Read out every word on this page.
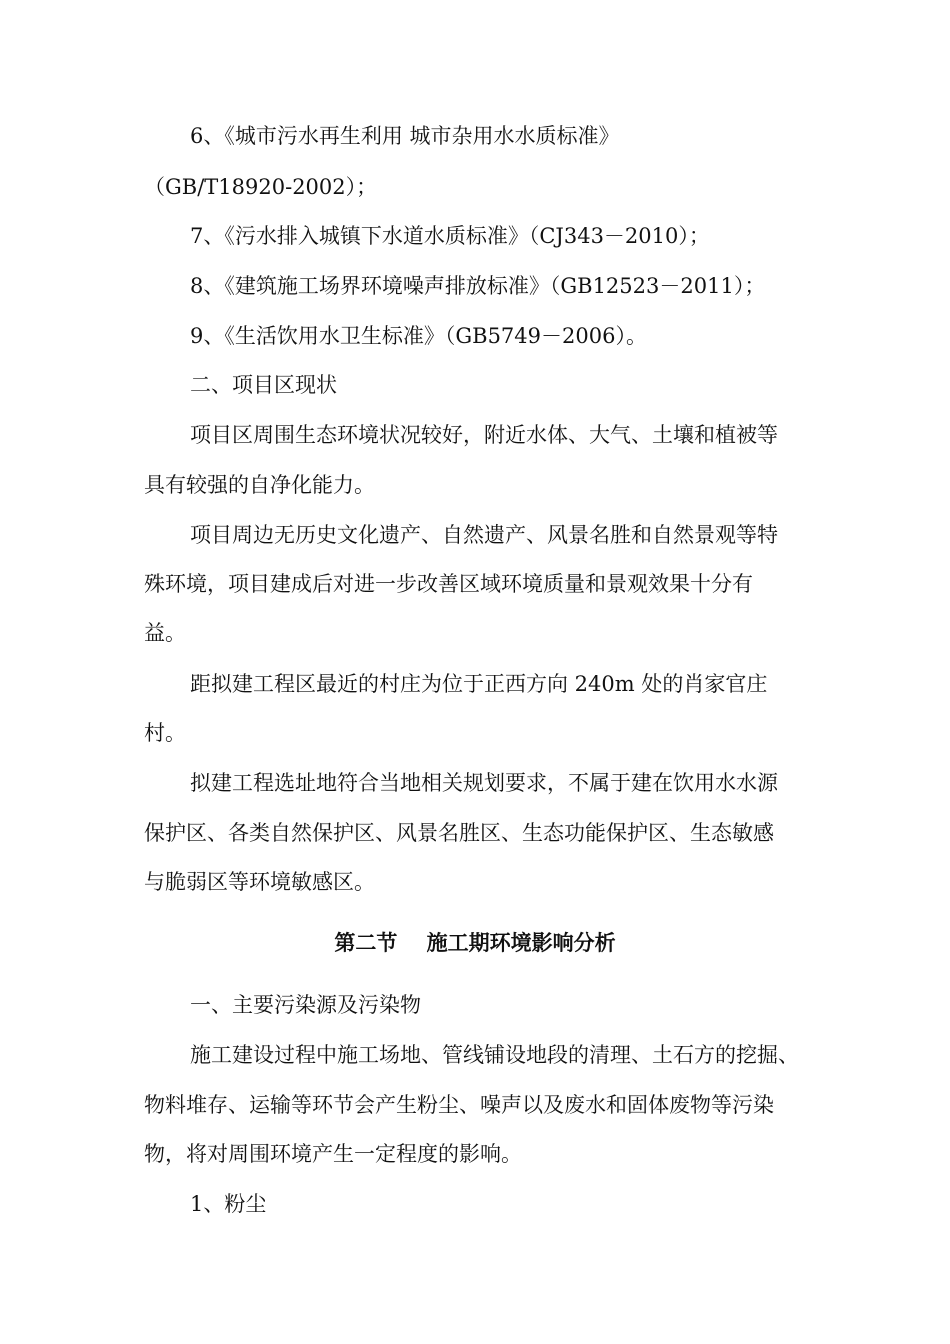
6、《城市污水再生利用 城市杂用水水质标准》
（GB/T18920-2002）；
7、《污水排入城镇下水道水质标准》（CJ343－2010）；
8、《建筑施工场界环境噪声排放标准》（GB12523－2011）；
9、《生活饮用水卫生标准》（GB5749－2006）。
二、项目区现状
项目区周围生态环境状况较好，附近水体、大气、土壤和植被等
具有较强的自净化能力。
项目周边无历史文化遗产、自然遗产、风景名胜和自然景观等特
殊环境，项目建成后对进一步改善区域环境质量和景观效果十分有
益。
距拟建工程区最近的村庄为位于正西方向 240m 处的肖家官庄
村。
拟建工程选址地符合当地相关规划要求，不属于建在饮用水水源
保护区、各类自然保护区、风景名胜区、生态功能保护区、生态敏感
与脆弱区等环境敏感区。
第二节    施工期环境影响分析
一、主要污染源及污染物
施工建设过程中施工场地、管线铺设地段的清理、土石方的挖掘、
物料堆存、运输等环节会产生粉尘、噪声以及废水和固体废物等污染
物，将对周围环境产生一定程度的影响。
1、粉尘
